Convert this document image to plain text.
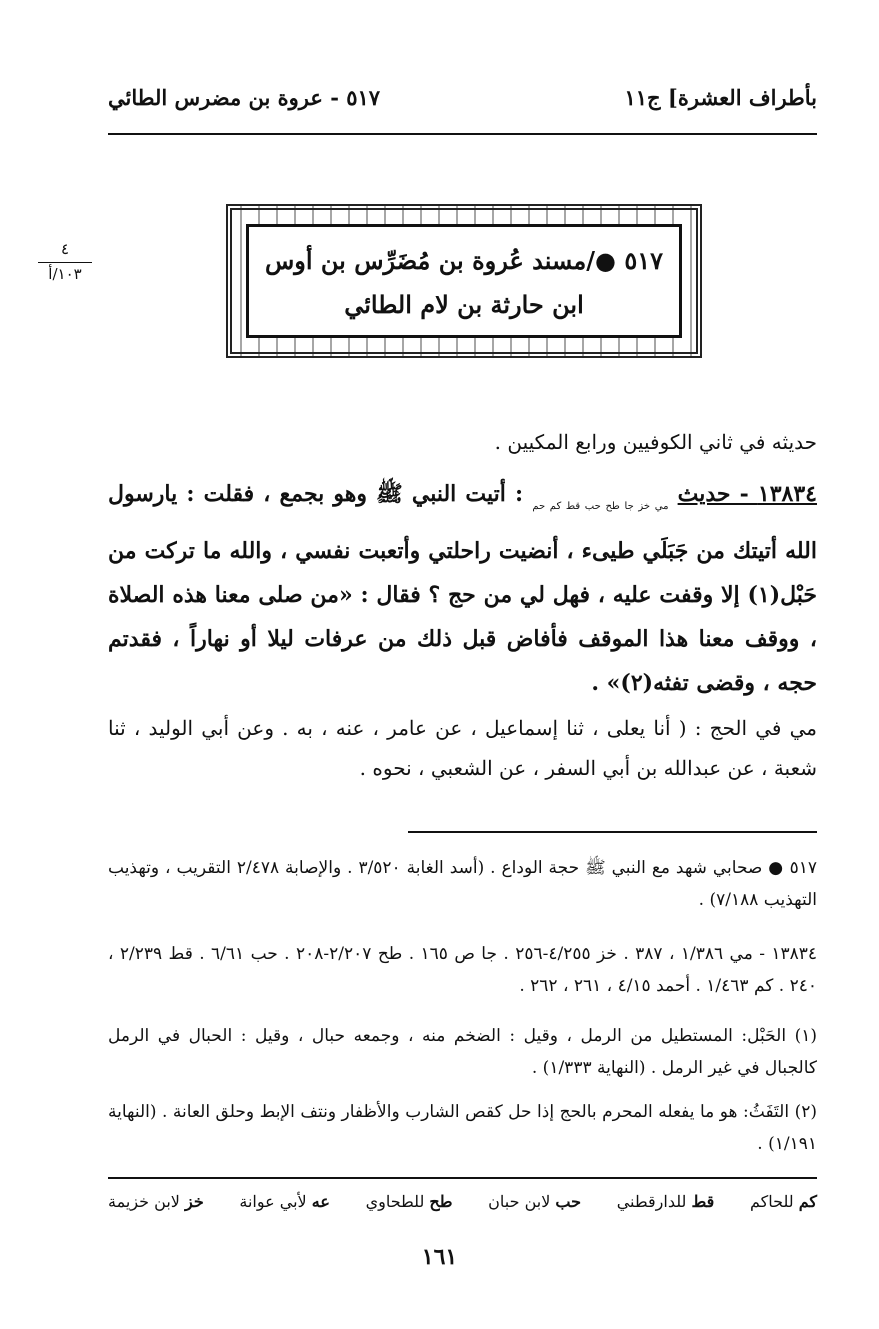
بأطراف العشرة] ج١١
٥١٧ - عروة بن مضرس الطائي
٤
١٠٣/أ	٥١٧ ●/مسند عُروة بن مُضَرِّس بن أوس
ابن حارثة بن لام الطائي
حديثه في ثاني الكوفيين ورابع المكيين .
١٣٨٣٤ - حديث $_{مي خز جا طح حب قط كم حم}$ : أتيت النبي ﷺ وهو بجمع ، فقلت : يارسول الله أتيتك من جَبَلَي طيىء ، أنضيت راحلتي وأتعبت نفسي ، والله ما تركت من حَبْل(١) إلا وقفت عليه ، فهل لي من حج ؟ فقال : «من صلى معنا هذه الصلاة ، ووقف معنا هذا الموقف فأفاض قبل ذلك من عرفات ليلا أو نهاراً ، فقدتم حجه ، وقضى تفثه(٢)» .
مي في الحج : ( أنا يعلى ، ثنا إسماعيل ، عن عامر ، عنه ، به . وعن أبي الوليد ، ثنا شعبة ، عن عبدالله بن أبي السفر ، عن الشعبي ، نحوه .
٥١٧ ● صحابي شهد مع النبي ﷺ حجة الوداع . (أسد الغابة ٣/٥٢٠ . والإصابة ٢/٤٧٨ التقريب ، وتهذيب التهذيب ٧/١٨٨) .
١٣٨٣٤ - مي ١/٣٨٦ ، ٣٨٧ . خز ٤/٢٥٥-٢٥٦ . جا ص ١٦٥ . طح ٢/٢٠٧-٢٠٨ . حب ٦/٦١ . قط ٢/٢٣٩ ، ٢٤٠ . كم ١/٤٦٣ . أحمد ٤/١٥ ، ٢٦١ ، ٢٦٢ .
(١) الحَبْل: المستطيل من الرمل ، وقيل : الضخم منه ، وجمعه حبال ، وقيل : الحبال في الرمل كالجبال في غير الرمل . (النهاية ١/٣٣٣) .
(٢) التَفَثُ: هو ما يفعله المحرم بالحج إذا حل كقص الشارب والأظفار ونتف الإبط وحلق العانة . (النهاية ١/١٩١) .
خز لابن خزيمة	عه لأبي عوانة	طح للطحاوي	حب لابن حبان	قط للدارقطني	كم للحاكم
١٦١
